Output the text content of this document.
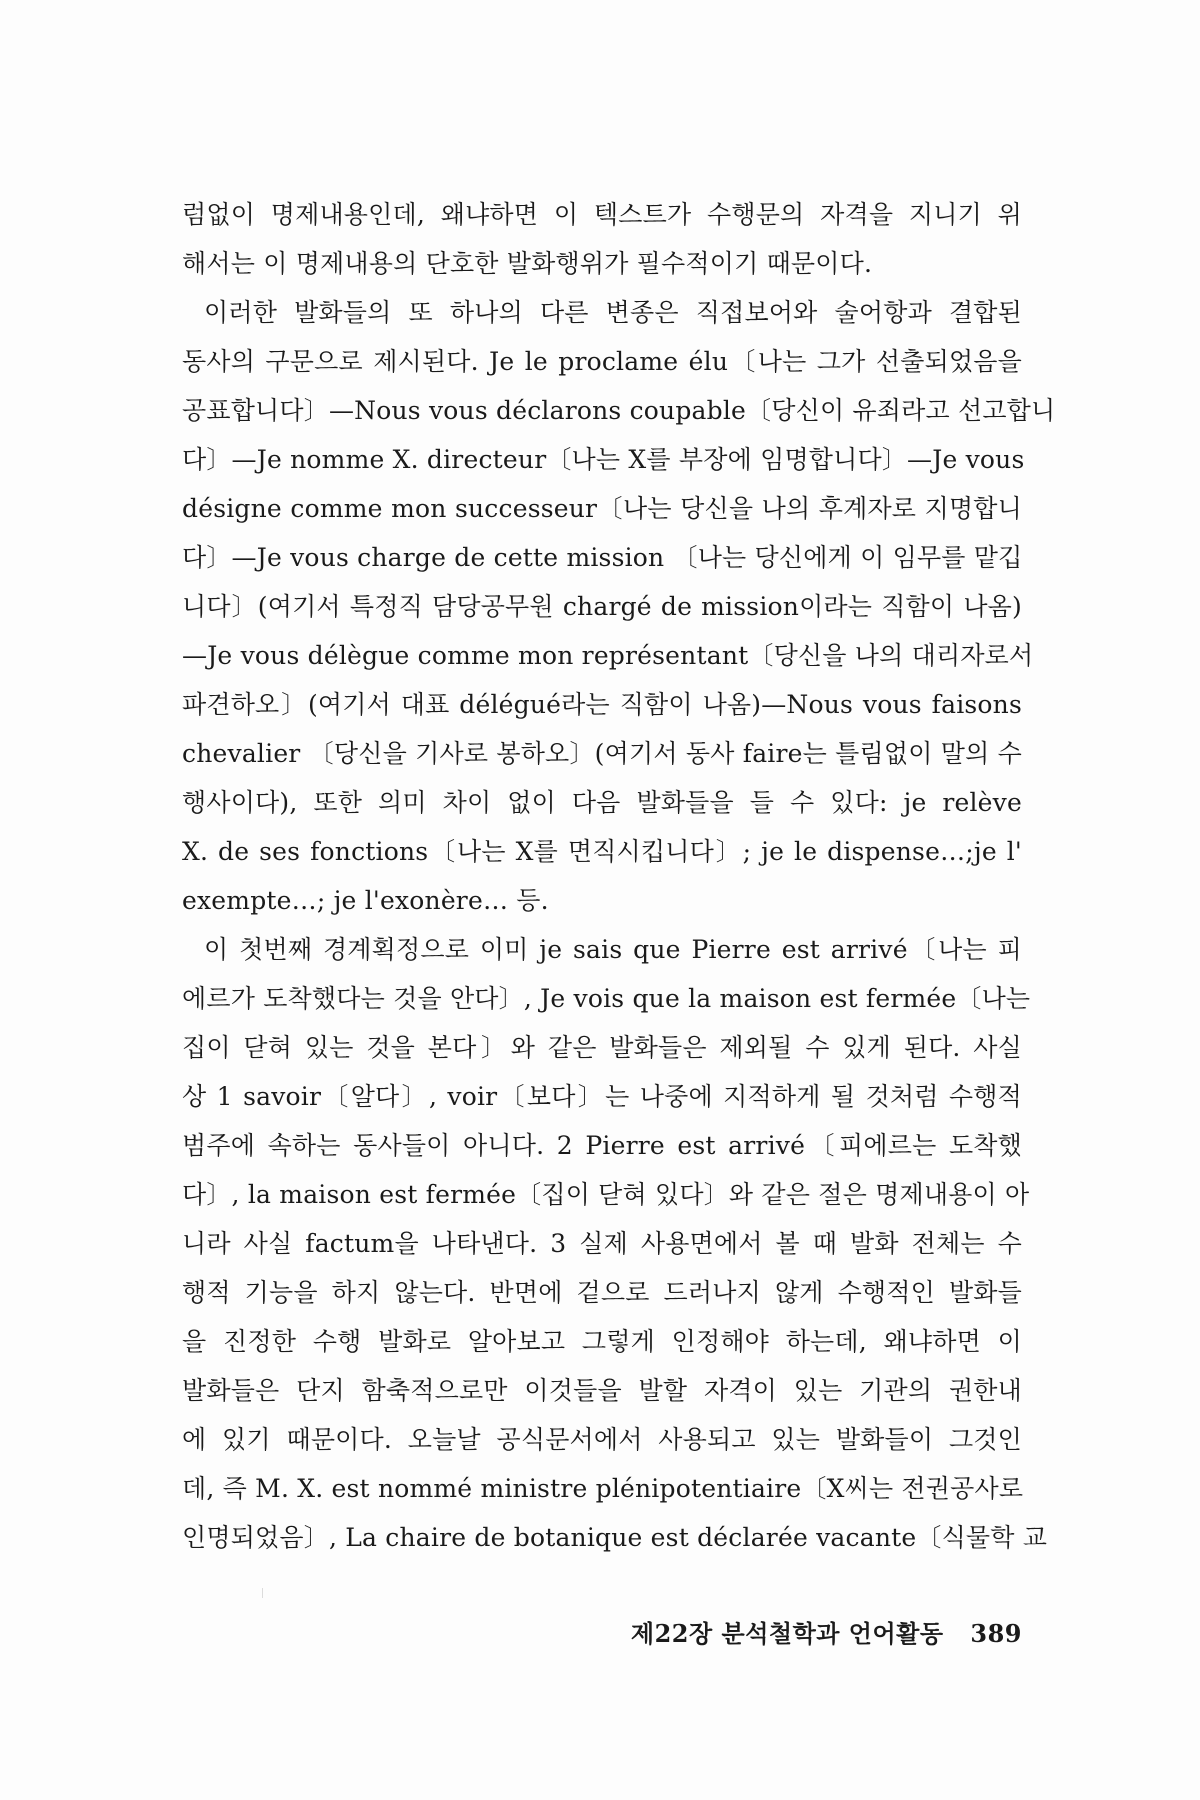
럼없이 명제내용인데, 왜냐하면 이 텍스트가 수행문의 자격을 지니기 위
해서는 이 명제내용의 단호한 발화행위가 필수적이기 때문이다.
이러한 발화들의 또 하나의 다른 변종은 직접보어와 술어항과 결합된
동사의 구문으로 제시된다. Je le proclame élu〔나는 그가 선출되었음을
공표합니다〕—Nous vous déclarons coupable〔당신이 유죄라고 선고합니
다〕—Je nomme X. directeur〔나는 X를 부장에 임명합니다〕—Je vous
désigne comme mon successeur〔나는 당신을 나의 후계자로 지명합니
다〕—Je vous charge de cette mission 〔나는 당신에게 이 임무를 맡깁
니다〕(여기서 특정직 담당공무원 chargé de mission이라는 직함이 나옴)
—Je vous délègue comme mon représentant〔당신을 나의 대리자로서
파견하오〕(여기서 대표 délégué라는 직함이 나옴)—Nous vous faisons
chevalier 〔당신을 기사로 봉하오〕(여기서 동사 faire는 틀림없이 말의 수
행사이다), 또한 의미 차이 없이 다음 발화들을 들 수 있다: je relève
X. de ses fonctions〔나는 X를 면직시킵니다〕; je le dispense…;je l'
exempte…; je l'exonère… 등.
이 첫번째 경계획정으로 이미 je sais que Pierre est arrivé〔나는 피
에르가 도착했다는 것을 안다〕, Je vois que la maison est fermée〔나는
집이 닫혀 있는 것을 본다〕와 같은 발화들은 제외될 수 있게 된다. 사실
상 1 savoir〔알다〕, voir〔보다〕는 나중에 지적하게 될 것처럼 수행적
범주에 속하는 동사들이 아니다. 2 Pierre est arrivé〔피에르는 도착했
다〕, la maison est fermée〔집이 닫혀 있다〕와 같은 절은 명제내용이 아
니라 사실 factum을 나타낸다. 3 실제 사용면에서 볼 때 발화 전체는 수
행적 기능을 하지 않는다. 반면에 겉으로 드러나지 않게 수행적인 발화들
을 진정한 수행 발화로 알아보고 그렇게 인정해야 하는데, 왜냐하면 이
발화들은 단지 함축적으로만 이것들을 발할 자격이 있는 기관의 권한내
에 있기 때문이다. 오늘날 공식문서에서 사용되고 있는 발화들이 그것인
데, 즉 M. X. est nommé ministre plénipotentiaire〔X씨는 전권공사로
인명되었음〕, La chaire de botanique est déclarée vacante〔식물학 교
제22장 분석철학과 언어활동 389
